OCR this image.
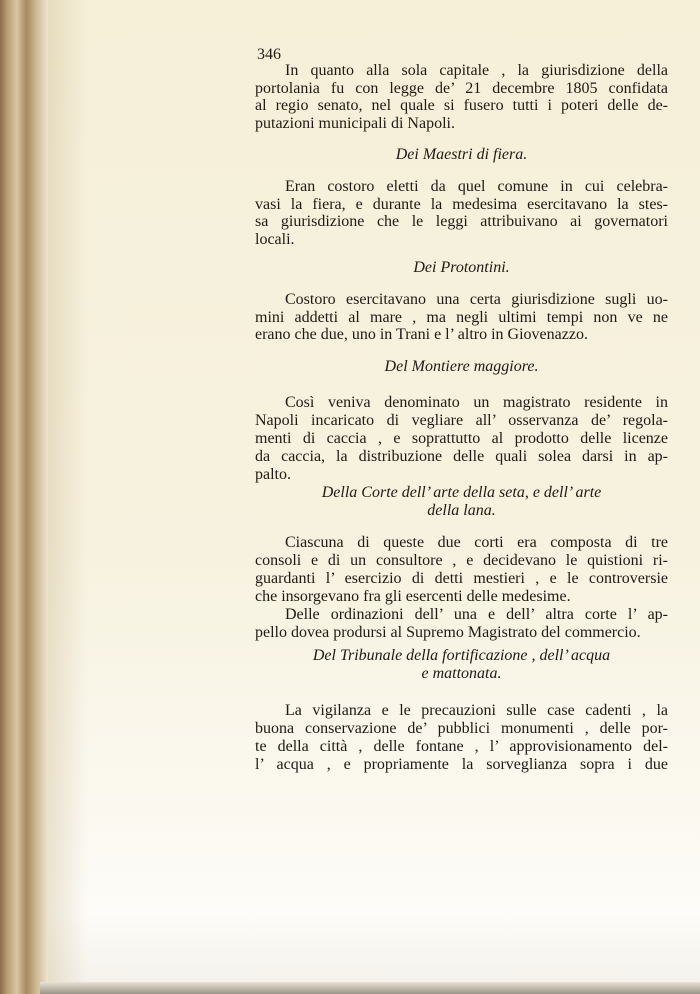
346
In quanto alla sola capitale , la giurisdizione della
portolania fu con legge de’ 21 decembre 1805 confidata
al regio senato, nel quale si fusero tutti i poteri delle de-
putazioni municipali di Napoli.
Dei Maestri di fiera.
Eran costoro eletti da quel comune in cui celebra-
vasi la fiera, e durante la medesima esercitavano la stes-
sa giurisdizione che le leggi attribuivano ai governatori
locali.
Dei Protontini.
Costoro esercitavano una certa giurisdizione sugli uo-
mini addetti al mare , ma negli ultimi tempi non ve ne
erano che due, uno in Trani e l’ altro in Giovenazzo.
Del Montiere maggiore.
Così veniva denominato un magistrato residente in
Napoli incaricato di vegliare all’ osservanza de’ regola-
menti di caccia , e soprattutto al prodotto delle licenze
da caccia, la distribuzione delle quali solea darsi in ap-
palto.
Della Corte dell’ arte della seta, e dell’ arte
della lana.
Ciascuna di queste due corti era composta di tre
consoli e di un consultore , e decidevano le quistioni ri-
guardanti l’ esercizio di detti mestieri , e le controversie
che insorgevano fra gli esercenti delle medesime.
Delle ordinazioni dell’ una e dell’ altra corte l’ ap-
pello dovea prodursi al Supremo Magistrato del commercio.
Del Tribunale della fortificazione , dell’ acqua
e mattonata.
La vigilanza e le precauzioni sulle case cadenti , la
buona conservazione de’ pubblici monumenti , delle por-
te della città , delle fontane , l’ approvisionamento del-
l’ acqua , e propriamente la sorveglianza sopra i due
